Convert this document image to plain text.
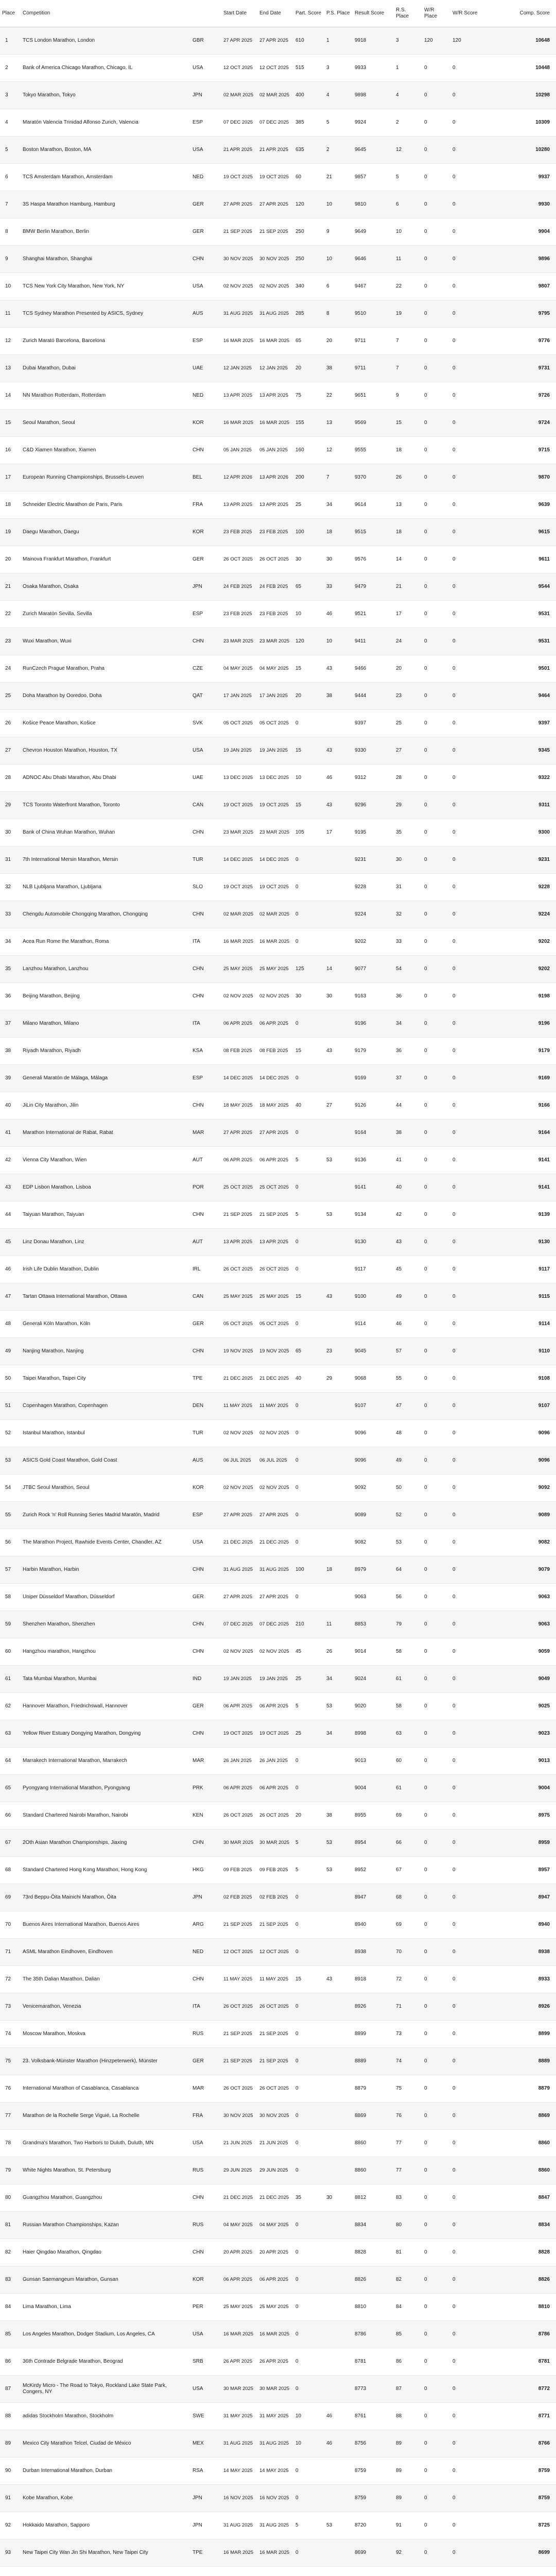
Place	Competition		Start Date	End Date	Part. Score	P.S. Place	Result Score	R.S. Place	W/R Place	W/R Score	Comp. Score
1	TCS London Marathon, London	GBR	27 APR 2025	27 APR 2025	610	1	9918	3	120	120	10648
2	Bank of America Chicago Marathon, Chicago, IL	USA	12 OCT 2025	12 OCT 2025	515	3	9933	1	0	0	10448
3	Tokyo Marathon, Tokyo	JPN	02 MAR 2025	02 MAR 2025	400	4	9898	4	0	0	10298
4	Maratón Valencia Trinidad Alfonso Zurich, Valencia	ESP	07 DEC 2025	07 DEC 2025	385	5	9924	2	0	0	10309
5	Boston Marathon, Boston, MA	USA	21 APR 2025	21 APR 2025	635	2	9645	12	0	0	10280
6	TCS Amsterdam Marathon, Amsterdam	NED	19 OCT 2025	19 OCT 2025	60	21	9857	5	0	0	9937
7	3S Haspa Marathon Hamburg, Hamburg	GER	27 APR 2025	27 APR 2025	120	10	9810	6	0	0	9930
8	BMW Berlin Marathon, Berlin	GER	21 SEP 2025	21 SEP 2025	250	9	9649	10	0	0	9904
9	Shanghai Marathon, Shanghai	CHN	30 NOV 2025	30 NOV 2025	250	10	9646	11	0	0	9896
10	TCS New York City Marathon, New York, NY	USA	02 NOV 2025	02 NOV 2025	340	6	9467	22	0	0	9807
11	TCS Sydney Marathon Presented by ASICS, Sydney	AUS	31 AUG 2025	31 AUG 2025	285	8	9510	19	0	0	9795
12	Zurich Maratό Barcelona, Barcelona	ESP	16 MAR 2025	16 MAR 2025	65	20	9711	7	0	0	9776
13	Dubai Marathon, Dubai	UAE	12 JAN 2025	12 JAN 2025	20	38	9711	7	0	0	9731
14	NN Marathon Rotterdam, Rotterdam	NED	13 APR 2025	13 APR 2025	75	22	9651	9	0	0	9726
15	Seoul Marathon, Seoul	KOR	16 MAR 2025	16 MAR 2025	155	13	9569	15	0	0	9724
16	C&D Xiamen Marathon, Xiamen	CHN	05 JAN 2025	05 JAN 2025	160	12	9555	18	0	0	9715
17	European Running Championships, Brussels-Leuven	BEL	12 APR 2026	13 APR 2026	200	7	9370	26	0	0	9870
18	Schneider Electric Marathon de Paris, Paris	FRA	13 APR 2025	13 APR 2025	25	34	9614	13	0	0	9639
19	Daegu Marathon, Daegu	KOR	23 FEB 2025	23 FEB 2025	100	18	9515	18	0	0	9615
20	Mainova Frankfurt Marathon, Frankfurt	GER	26 OCT 2025	26 OCT 2025	30	30	9576	14	0	0	9611
21	Osaka Marathon, Osaka	JPN	24 FEB 2025	24 FEB 2025	65	33	9479	21	0	0	9544
22	Zurich Maratón Sevilla, Sevilla	ESP	23 FEB 2025	23 FEB 2025	10	46	9521	17	0	0	9531
23	Wuxi Marathon, Wuxi	CHN	23 MAR 2025	23 MAR 2025	120	10	9411	24	0	0	9531
24	RunCzech Prague Marathon, Praha	CZE	04 MAY 2025	04 MAY 2025	15	43	9466	20	0	0	9501
25	Doha Marathon by Ooredoo, Doha	QAT	17 JAN 2025	17 JAN 2025	20	38	9444	23	0	0	9464
26	Košice Peace Marathon, Košice	SVK	05 OCT 2025	05 OCT 2025	0		9397	25	0	0	9397
27	Chevron Houston Marathon, Houston, TX	USA	19 JAN 2025	19 JAN 2025	15	43	9330	27	0	0	9345
28	ADNOC Abu Dhabi Marathon, Abu Dhabi	UAE	13 DEC 2025	13 DEC 2025	10	46	9312	28	0	0	9322
29	TCS Toronto Waterfront Marathon, Toronto	CAN	19 OCT 2025	19 OCT 2025	15	43	9296	29	0	0	9311
30	Bank of China Wuhan Marathon, Wuhan	CHN	23 MAR 2025	23 MAR 2025	105	17	9195	35	0	0	9300
31	7th International Mersin Marathon, Mersin	TUR	14 DEC 2025	14 DEC 2025	0		9231	30	0	0	9231
32	NLB Ljubljana Marathon, Ljubljana	SLO	19 OCT 2025	19 OCT 2025	0		9228	31	0	0	9228
33	Chengdu Automobile Chongqing Marathon, Chongqing	CHN	02 MAR 2025	02 MAR 2025	0		9224	32	0	0	9224
34	Acea Run Rome the Marathon, Roma	ITA	16 MAR 2025	16 MAR 2025	0		9202	33	0	0	9202
35	Lanzhou Marathon, Lanzhou	CHN	25 MAY 2025	25 MAY 2025	125	14	9077	54	0	0	9202
36	Beijing Marathon, Beijing	CHN	02 NOV 2025	02 NOV 2025	30	30	9163	36	0	0	9198
37	Milano Marathon, Milano	ITA	06 APR 2025	06 APR 2025	0		9196	34	0	0	9196
38	Riyadh Marathon, Riyadh	KSA	08 FEB 2025	08 FEB 2025	15	43	9179	36	0	0	9179
39	Generali Maratón de Málaga, Málaga	ESP	14 DEC 2025	14 DEC 2025	0		9169	37	0	0	9169
40	JiLin City Marathon, Jilin	CHN	18 MAY 2025	18 MAY 2025	40	27	9126	44	0	0	9166
41	Marathon International de Rabat, Rabat	MAR	27 APR 2025	27 APR 2025	0		9164	38	0	0	9164
42	Vienna City Marathon, Wien	AUT	06 APR 2025	06 APR 2025	5	53	9136	41	0	0	9141
43	EDP Lisbon Marathon, Lisboa	POR	25 OCT 2025	25 OCT 2025	0		9141	40	0	0	9141
44	Taiyuan Marathon, Taiyuan	CHN	21 SEP 2025	21 SEP 2025	5	53	9134	42	0	0	9139
45	Linz Donau Marathon, Linz	AUT	13 APR 2025	13 APR 2025	0		9130	43	0	0	9130
46	Irish Life Dublin Marathon, Dublin	IRL	26 OCT 2025	26 OCT 2025	0		9117	45	0	0	9117
47	Tartan Ottawa International Marathon, Ottawa	CAN	25 MAY 2025	25 MAY 2025	15	43	9100	49	0	0	9115
48	Generali Köln Marathon, Köln	GER	05 OCT 2025	05 OCT 2025	0		9114	46	0	0	9114
49	Nanjing Marathon, Nanjing	CHN	19 NOV 2025	19 NOV 2025	65	23	9045	57	0	0	9110
50	Taipei Marathon, Taipei City	TPE	21 DEC 2025	21 DEC 2025	40	29	9068	55	0	0	9108
51	Copenhagen Marathon, Copenhagen	DEN	11 MAY 2025	11 MAY 2025	0		9107	47	0	0	9107
52	Istanbul Marathon, Istanbul	TUR	02 NOV 2025	02 NOV 2025	0		9096	48	0	0	9096
53	ASICS Gold Coast Marathon, Gold Coast	AUS	06 JUL 2025	06 JUL 2025	0		9096	49	0	0	9096
54	JTBC Seoul Marathon, Seoul	KOR	02 NOV 2025	02 NOV 2025	0		9092	50	0	0	9092
55	Zurich Rock 'n' Roll Running Series Madrid Maratón, Madrid	ESP	27 APR 2025	27 APR 2025	0		9089	52	0	0	9089
56	The Marathon Project, Rawhide Events Center, Chandler, AZ	USA	21 DEC 2025	21 DEC 2025	0		9082	53	0	0	9082
57	Harbin Marathon, Harbin	CHN	31 AUG 2025	31 AUG 2025	100	18	8979	64	0	0	9079
58	Uniper Düsseldorf Marathon, Düsseldorf	GER	27 APR 2025	27 APR 2025	0		9063	56	0	0	9063
59	Shenzhen Marathon, Shenzhen	CHN	07 DEC 2025	07 DEC 2025	210	11	8853	79	0	0	9063
60	Hangzhou marathon, Hangzhou	CHN	02 NOV 2025	02 NOV 2025	45	26	9014	58	0	0	9059
61	Tata Mumbai Marathon, Mumbai	IND	19 JAN 2025	19 JAN 2025	25	34	9024	61	0	0	9049
62	Hannover Marathon, Friedrichswall, Hannover	GER	06 APR 2025	06 APR 2025	5	53	9020	58	0	0	9025
63	Yellow River Estuary Dongying Marathon, Dongying	CHN	19 OCT 2025	19 OCT 2025	25	34	8998	63	0	0	9023
64	Marrakech International Marathon, Marrakech	MAR	26 JAN 2025	26 JAN 2025	0		9013	60	0	0	9013
65	Pyongyang International Marathon, Pyongyang	PRK	06 APR 2025	06 APR 2025	0		9004	61	0	0	9004
66	Standard Chartered Nairobi Marathon, Nairobi	KEN	26 OCT 2025	26 OCT 2025	20	38	8955	69	0	0	8975
67	2Oth Asian Marathon Championships, Jiaxing	CHN	30 MAR 2025	30 MAR 2025	5	53	8954	66	0	0	8959
68	Standard Chartered Hong Kong Marathon, Hong Kong	HKG	09 FEB 2025	09 FEB 2025	5	53	8952	67	0	0	8957
69	73rd Beppu-Ōita Mainichi Marathon, Ōita	JPN	02 FEB 2025	02 FEB 2025	0		8947	68	0	0	8947
70	Buenos Aires International Marathon, Buenos Aires	ARG	21 SEP 2025	21 SEP 2025	0		8940	69	0	0	8940
71	ASML Marathon Eindhoven, Eindhoven	NED	12 OCT 2025	12 OCT 2025	0		8938	70	0	0	8938
72	The 35th Dalian Marathon, Dalian	CHN	11 MAY 2025	11 MAY 2025	15	43	8918	72	0	0	8933
73	Venicemarathon, Venezia	ITA	26 OCT 2025	26 OCT 2025	0		8926	71	0	0	8926
74	Moscow Marathon, Moskva	RUS	21 SEP 2025	21 SEP 2025	0		8899	73	0	0	8899
75	23. Volksbank-Münster Marathon (Hinzpeterwerk), Münster	GER	21 SEP 2025	21 SEP 2025	0		8889	74	0	0	8889
76	International Marathon of Casablanca, Casablanca	MAR	26 OCT 2025	26 OCT 2025	0		8879	75	0	0	8879
77	Marathon de la Rochelle Serge Viguié, La Rochelle	FRA	30 NOV 2025	30 NOV 2025	0		8869	76	0	0	8869
78	Grandma's Marathon, Two Harbors to Duluth, Duluth, MN	USA	21 JUN 2025	21 JUN 2025	0		8860	77	0	0	8860
79	White Nights Marathon, St. Petersburg	RUS	29 JUN 2025	29 JUN 2025	0		8860	77	0	0	8860
80	Guangzhou Marathon, Guangzhou	CHN	21 DEC 2025	21 DEC 2025	35	30	8812	83	0	0	8847
81	Russian Marathon Championships, Kazan	RUS	04 MAY 2025	04 MAY 2025	0		8834	80	0	0	8834
82	Haier Qingdao Marathon, Qingdao	CHN	20 APR 2025	20 APR 2025	0		8828	81	0	0	8828
83	Gunsan Saemangeum Marathon, Gunsan	KOR	06 APR 2025	06 APR 2025	0		8826	82	0	0	8826
84	Lima Marathon, Lima	PER	25 MAY 2025	25 MAY 2025	0		8810	84	0	0	8810
85	Los Angeles Marathon, Dodger Stadium, Los Angeles, CA	USA	16 MAR 2025	16 MAR 2025	0		8786	85	0	0	8786
86	36th Contrade Belgrade Marathon, Beograd	SRB	26 APR 2025	26 APR 2025	0		8781	86	0	0	8781
87	McKirdy Micro - The Road to Tokyo, Rockland Lake State Park, Congers, NY	USA	30 MAR 2025	30 MAR 2025	0		8773	87	0	0	8772
88	adidas Stockholm Marathon, Stockholm	SWE	31 MAY 2025	31 MAY 2025	10	46	8761	88	0	0	8771
89	Mexico City Marathon Telcel, Ciudad de México	MEX	31 AUG 2025	31 AUG 2025	10	46	8756	89	0	0	8766
90	Durban International Marathon, Durban	RSA	14 MAY 2025	14 MAY 2025	0		8759	89	0	0	8759
91	Kobe Marathon, Kobe	JPN	16 NOV 2025	16 NOV 2025	0		8759	89	0	0	8759
92	Hokkaido Marathon, Sapporo	JPN	31 AUG 2025	31 AUG 2025	5	53	8720	91	0	0	8725
93	New Taipei City Wan Jin Shi Marathon, New Taipei City	TPE	16 MAR 2025	16 MAR 2025	0		8699	92	0	0	8699
